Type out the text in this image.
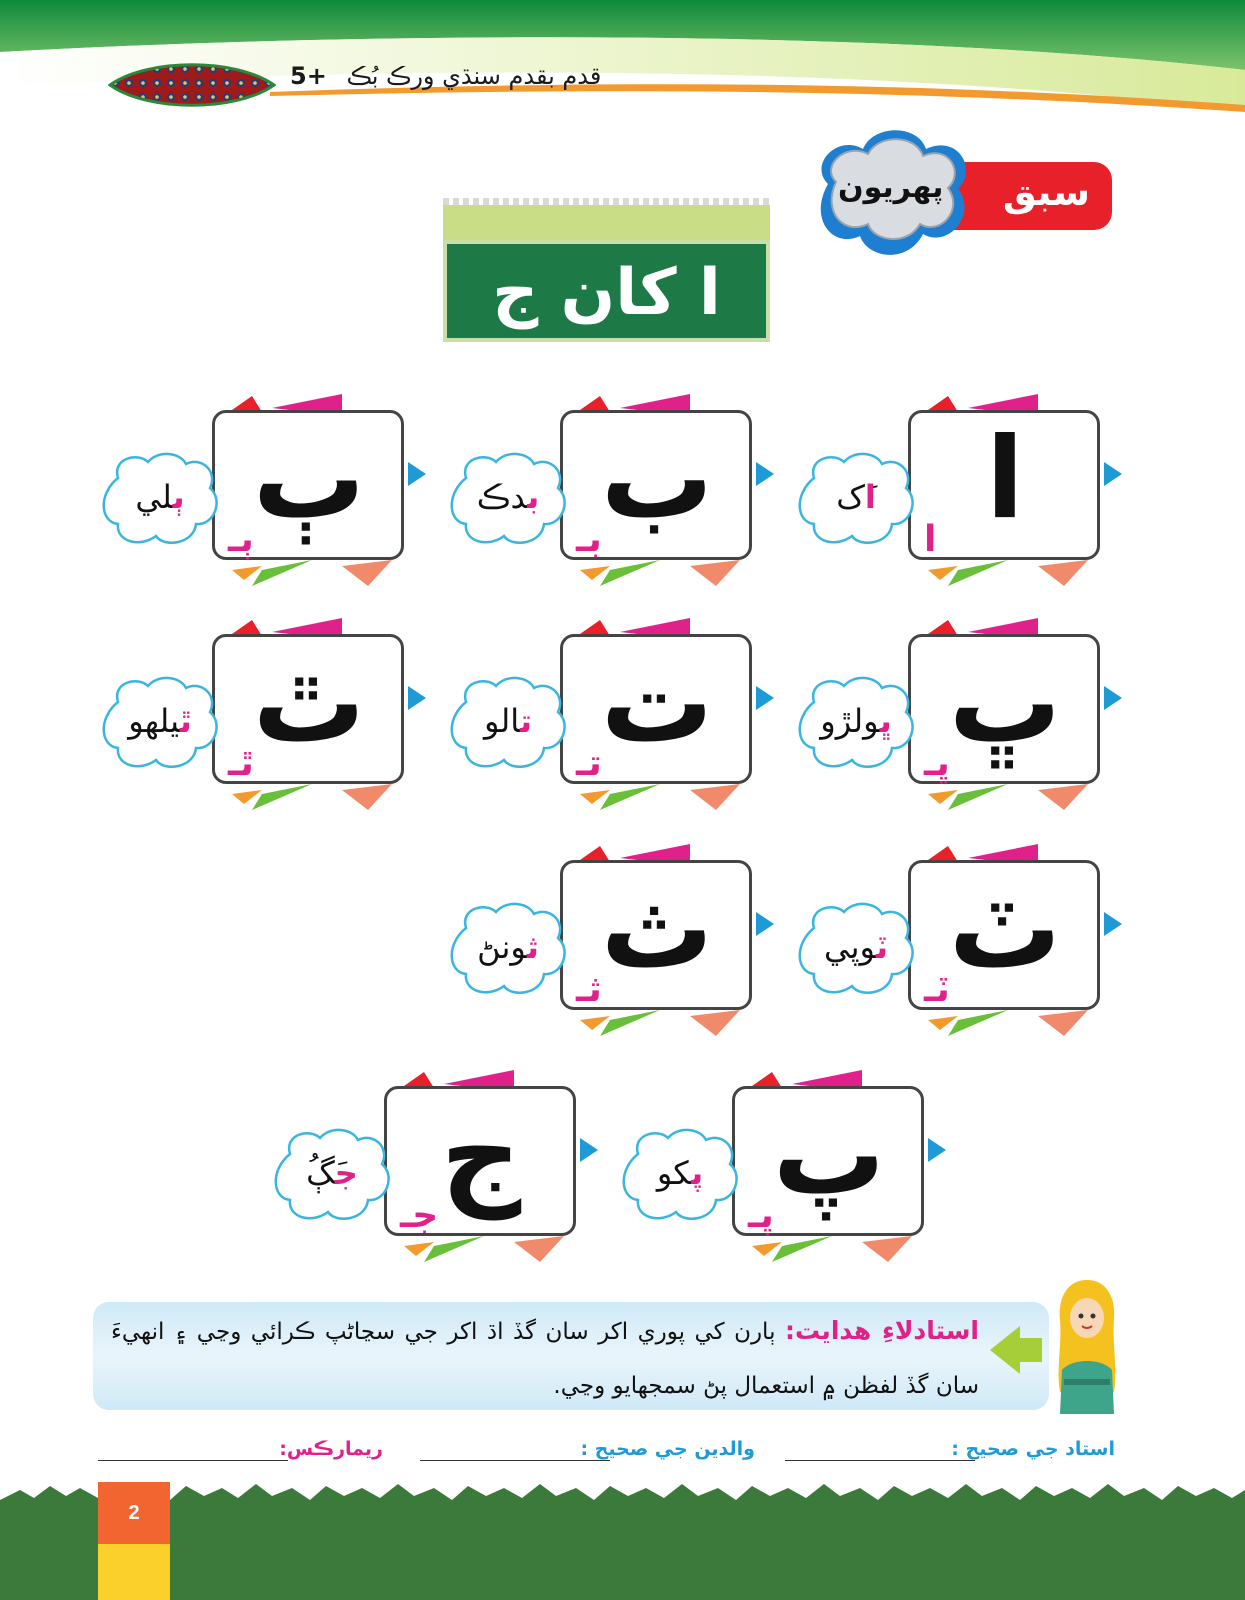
قدم بقدم سنڌي ورڪ بُڪ 5+
سبق
پهريون
ا کان ج
ا
ا
اَک
ب
بـ
بدڪ
ٻ
ٻـ
ٻلي
ڀ
ڀـ
ڀولڙو
ت
تـ
تالو
ٿ
ٿـ
ٿيلهو
ٽ
ٽـ
ٽوپي
ث
ثـ
ثونڻ
پ
پـ
پکو
ج
جـ
جَڳُ

استادلاءِ هدايت: ٻارن کي پوري اکر سان گڏ اڌ اکر جي سڃاڻپ ڪرائي وڃي ۽ انهيءَ سان گڏ لفظن ۾ استعمال پڻ سمجهايو وڃي.

استاد جي صحيح :
والدين جي صحيح :
ريمارڪس:
2
